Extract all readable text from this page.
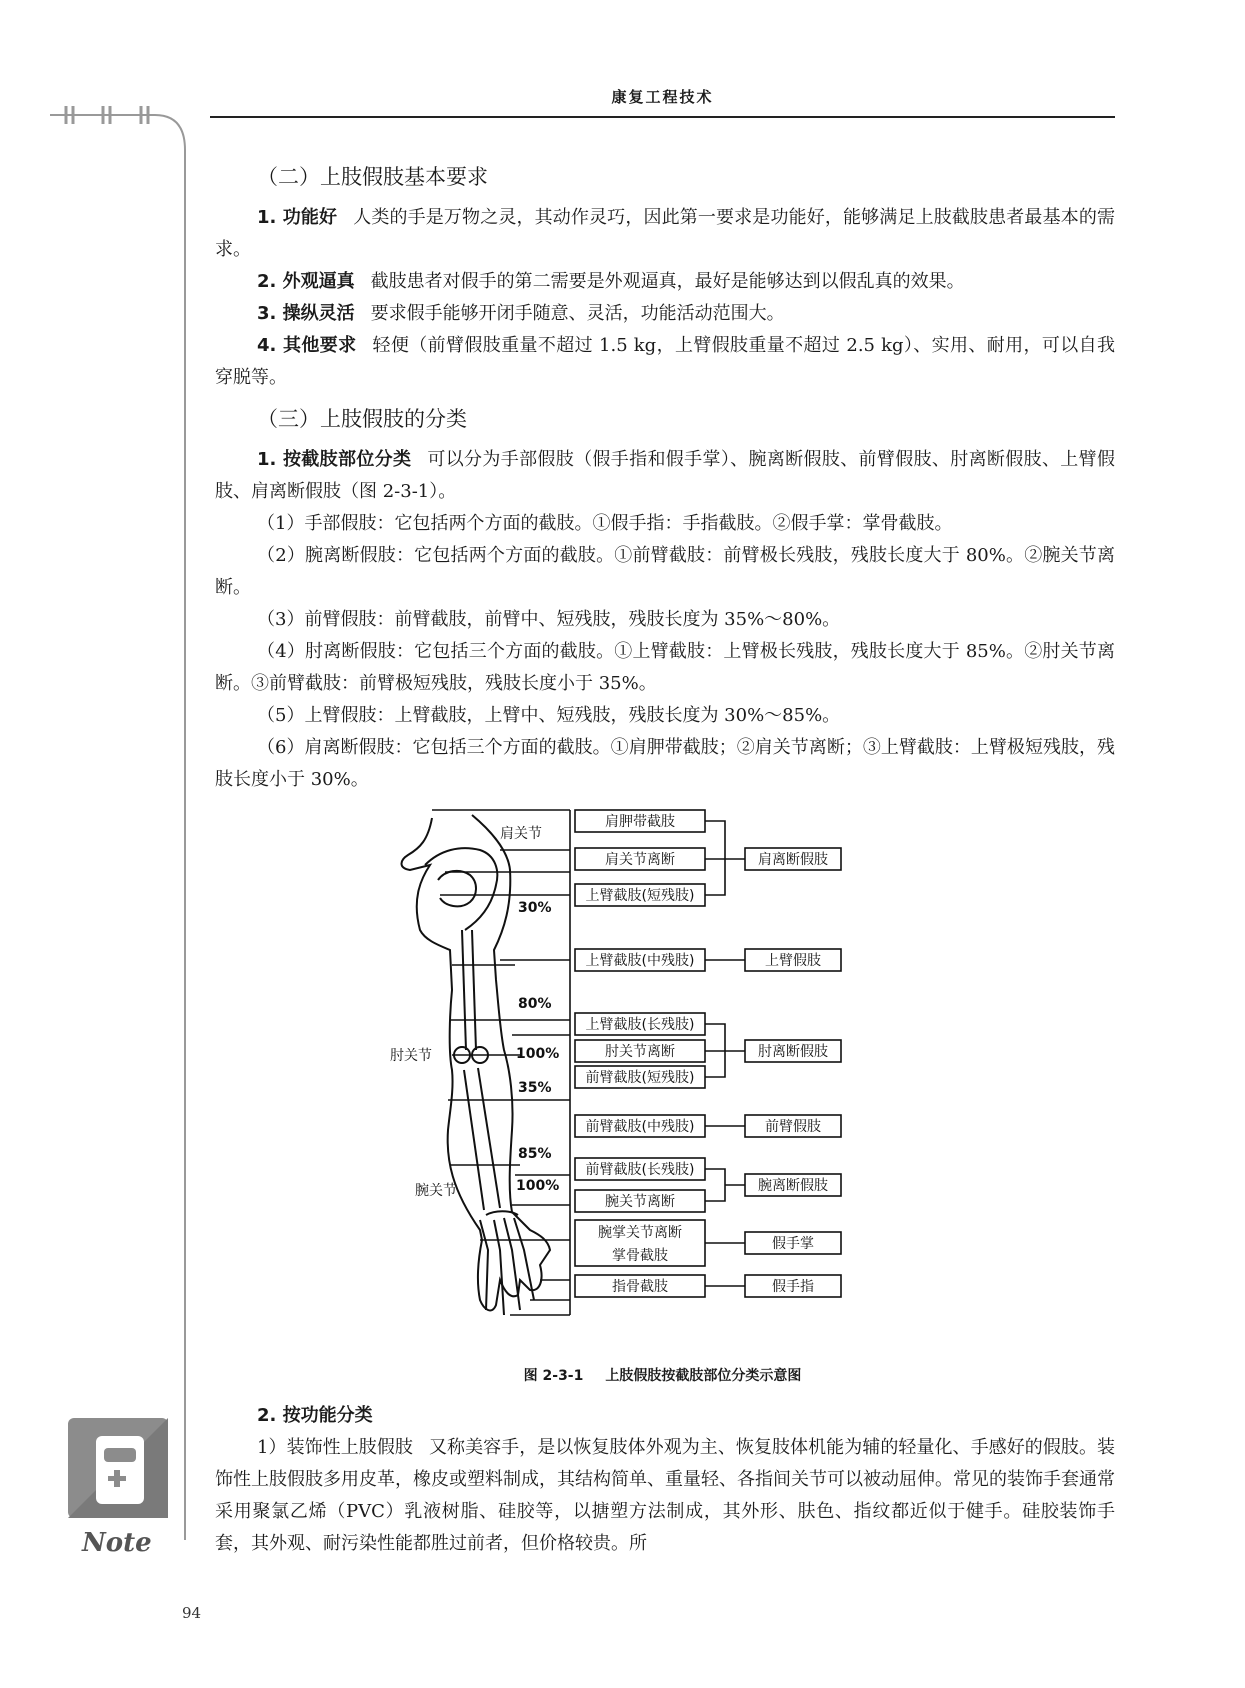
康复工程技术
（二）上肢假肢基本要求

1. 功能好 人类的手是万物之灵，其动作灵巧，因此第一要求是功能好，能够满足上肢截肢患者最基本的需求。

2. 外观逼真 截肢患者对假手的第二需要是外观逼真，最好是能够达到以假乱真的效果。

3. 操纵灵活 要求假手能够开闭手随意、灵活，功能活动范围大。

4. 其他要求 轻便（前臂假肢重量不超过 1.5 kg，上臂假肢重量不超过 2.5 kg）、实用、耐用，可以自我穿脱等。

（三）上肢假肢的分类

1. 按截肢部位分类 可以分为手部假肢（假手指和假手掌）、腕离断假肢、前臂假肢、肘离断假肢、上臂假肢、肩离断假肢（图 2-3-1）。

（1）手部假肢：它包括两个方面的截肢。①假手指：手指截肢。②假手掌：掌骨截肢。

（2）腕离断假肢：它包括两个方面的截肢。①前臂截肢：前臂极长残肢，残肢长度大于 80%。②腕关节离断。

（3）前臂假肢：前臂截肢，前臂中、短残肢，残肢长度为 35%～80%。

（4）肘离断假肢：它包括三个方面的截肢。①上臂截肢：上臂极长残肢，残肢长度大于 85%。②肘关节离断。③前臂截肢：前臂极短残肢，残肢长度小于 35%。

（5）上臂假肢：上臂截肢，上臂中、短残肢，残肢长度为 30%～85%。

（6）肩离断假肢：它包括三个方面的截肢。①肩胛带截肢；②肩关节离断；③上臂截肢：上臂极短残肢，残肢长度小于 30%。

肩关节
肘关节
腕关节
30%
80%
100%
35%
85%
100%
肩胛带截肢
肩关节离断
上臂截肢(短残肢)
上臂截肢(中残肢)
上臂截肢(长残肢)
肘关节离断
前臂截肢(短残肢)
前臂截肢(中残肢)
前臂截肢(长残肢)
腕关节离断
腕掌关节离断
掌骨截肢
指骨截肢
肩离断假肢
上臂假肢
肘离断假肢
前臂假肢
腕离断假肢
假手掌
假手指
图 2-3-1 上肢假肢按截肢部位分类示意图

2. 按功能分类

1）装饰性上肢假肢 又称美容手，是以恢复肢体外观为主、恢复肢体机能为辅的轻量化、手感好的假肢。装饰性上肢假肢多用皮革，橡皮或塑料制成，其结构简单、重量轻、各指间关节可以被动屈伸。常见的装饰手套通常采用聚氯乙烯（PVC）乳液树脂、硅胶等，以搪塑方法制成，其外形、肤色、指纹都近似于健手。硅胶装饰手套，其外观、耐污染性能都胜过前者，但价格较贵。所

Note
94
